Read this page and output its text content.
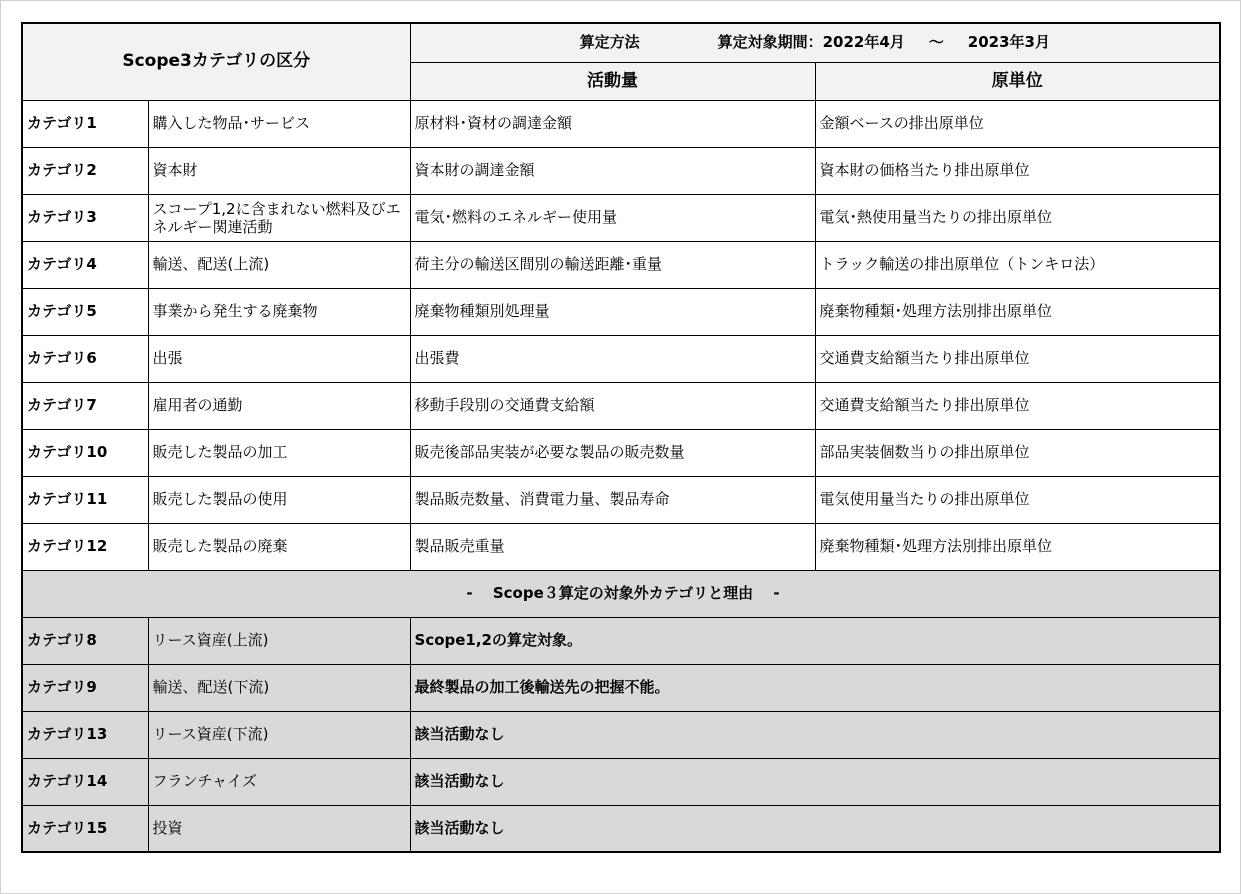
Scope3カテゴリの区分		算定方法 算定対象期間：2022年4月 ～ 2023年3月	
		活動量	原単位
カテゴリ1	購入した物品･サービス	原材料･資材の調達金額	金額ベースの排出原単位
カテゴリ2	資本財	資本財の調達金額	資本財の価格当たり排出原単位
カテゴリ3	スコープ1,2に含まれない燃料及びエネルギー関連活動	電気･燃料のエネルギー使用量	電気･熱使用量当たりの排出原単位
カテゴリ4	輸送、配送(上流)	荷主分の輸送区間別の輸送距離･重量	トラック輸送の排出原単位（トンキロ法）
カテゴリ5	事業から発生する廃棄物	廃棄物種類別処理量	廃棄物種類･処理方法別排出原単位
カテゴリ6	出張	出張費	交通費支給額当たり排出原単位
カテゴリ7	雇用者の通勤	移動手段別の交通費支給額	交通費支給額当たり排出原単位
カテゴリ10	販売した製品の加工	販売後部品実装が必要な製品の販売数量	部品実装個数当りの排出原単位
カテゴリ11	販売した製品の使用	製品販売数量、消費電力量、製品寿命	電気使用量当たりの排出原単位
カテゴリ12	販売した製品の廃棄	製品販売重量	廃棄物種類･処理方法別排出原単位
-　 Scope３算定の対象外カテゴリと理由　 -			
カテゴリ8	リース資産(上流)	Scope1,2の算定対象。	
カテゴリ9	輸送、配送(下流)	最終製品の加工後輸送先の把握不能。	
カテゴリ13	リース資産(下流)	該当活動なし	
カテゴリ14	フランチャイズ	該当活動なし	
カテゴリ15	投資	該当活動なし	
